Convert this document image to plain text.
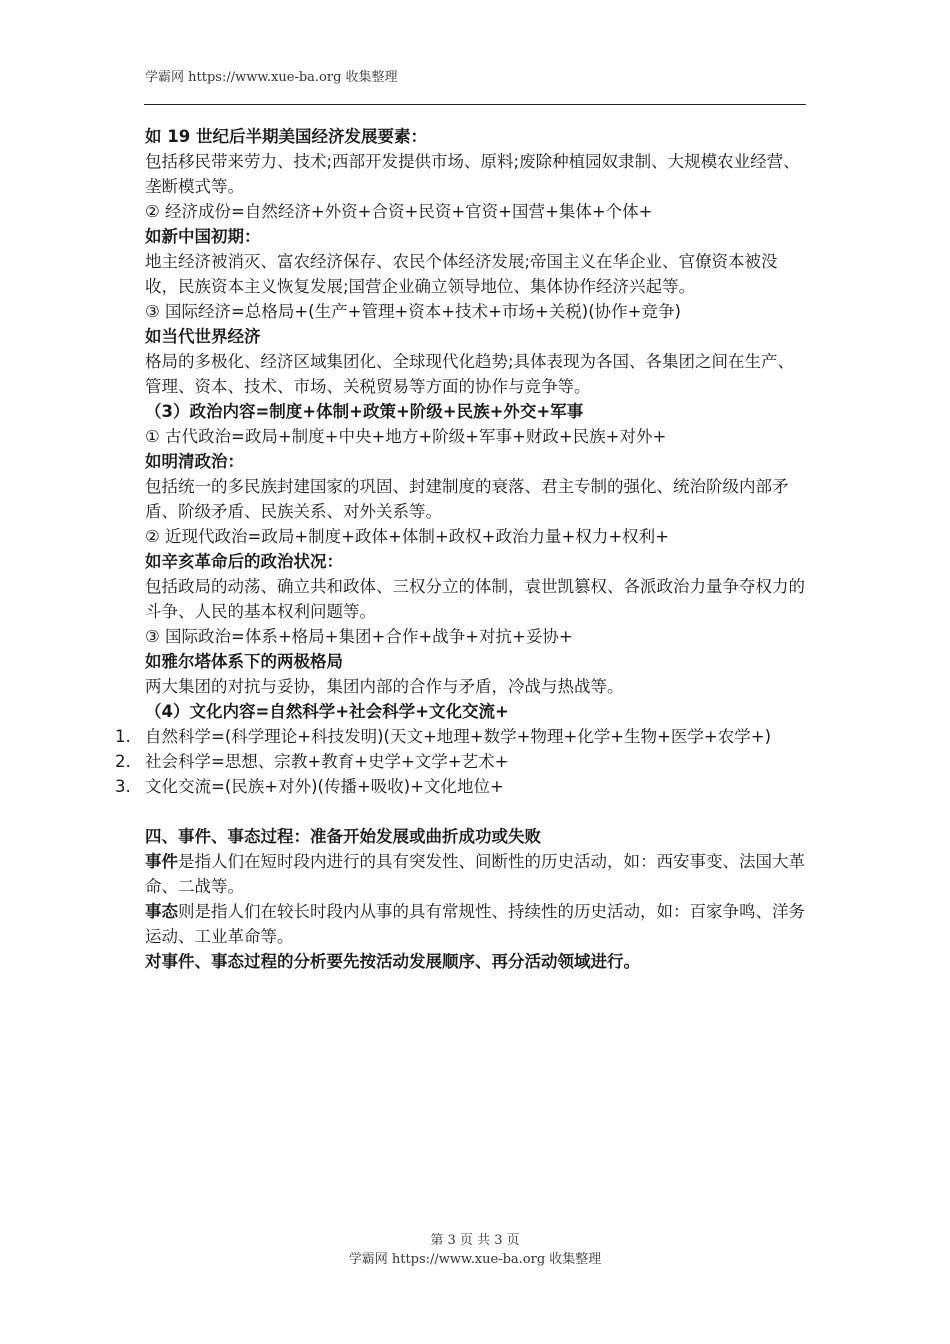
学霸网 https://www.xue-ba.org 收集整理

如 19 世纪后半期美国经济发展要素：

包括移民带来劳力、技术;西部开发提供市场、原料;废除种植园奴隶制、大规模农业经营、垄断模式等。

② 经济成份=自然经济+外资+合资+民资+官资+国营+集体+个体+

如新中国初期：

地主经济被消灭、富农经济保存、农民个体经济发展;帝国主义在华企业、官僚资本被没收，民族资本主义恢复发展;国营企业确立领导地位、集体协作经济兴起等。

③ 国际经济=总格局+(生产+管理+资本+技术+市场+关税)(协作+竞争)

如当代世界经济

格局的多极化、经济区域集团化、全球现代化趋势;具体表现为各国、各集团之间在生产、管理、资本、技术、市场、关税贸易等方面的协作与竞争等。

（3）政治内容=制度+体制+政策+阶级+民族+外交+军事

① 古代政治=政局+制度+中央+地方+阶级+军事+财政+民族+对外+

如明清政治：

包括统一的多民族封建国家的巩固、封建制度的衰落、君主专制的强化、统治阶级内部矛盾、阶级矛盾、民族关系、对外关系等。

② 近现代政治=政局+制度+政体+体制+政权+政治力量+权力+权利+

如辛亥革命后的政治状况：

包括政局的动荡、确立共和政体、三权分立的体制，袁世凯篡权、各派政治力量争夺权力的斗争、人民的基本权利问题等。

③ 国际政治=体系+格局+集团+合作+战争+对抗+妥协+

如雅尔塔体系下的两极格局

两大集团的对抗与妥协，集团内部的合作与矛盾，冷战与热战等。

（4）文化内容=自然科学+社会科学+文化交流+

1. 自然科学=(科学理论+科技发明)(天文+地理+数学+物理+化学+生物+医学+农学+)
2. 社会科学=思想、宗教+教育+史学+文学+艺术+
3. 文化交流=(民族+对外)(传播+吸收)+文化地位+

四、事件、事态过程：准备开始发展或曲折成功或失败

事件是指人们在短时段内进行的具有突发性、间断性的历史活动，如：西安事变、法国大革命、二战等。

事态则是指人们在较长时段内从事的具有常规性、持续性的历史活动，如：百家争鸣、洋务运动、工业革命等。

对事件、事态过程的分析要先按活动发展顺序、再分活动领域进行。

第 3 页 共 3 页
学霸网 https://www.xue-ba.org 收集整理
